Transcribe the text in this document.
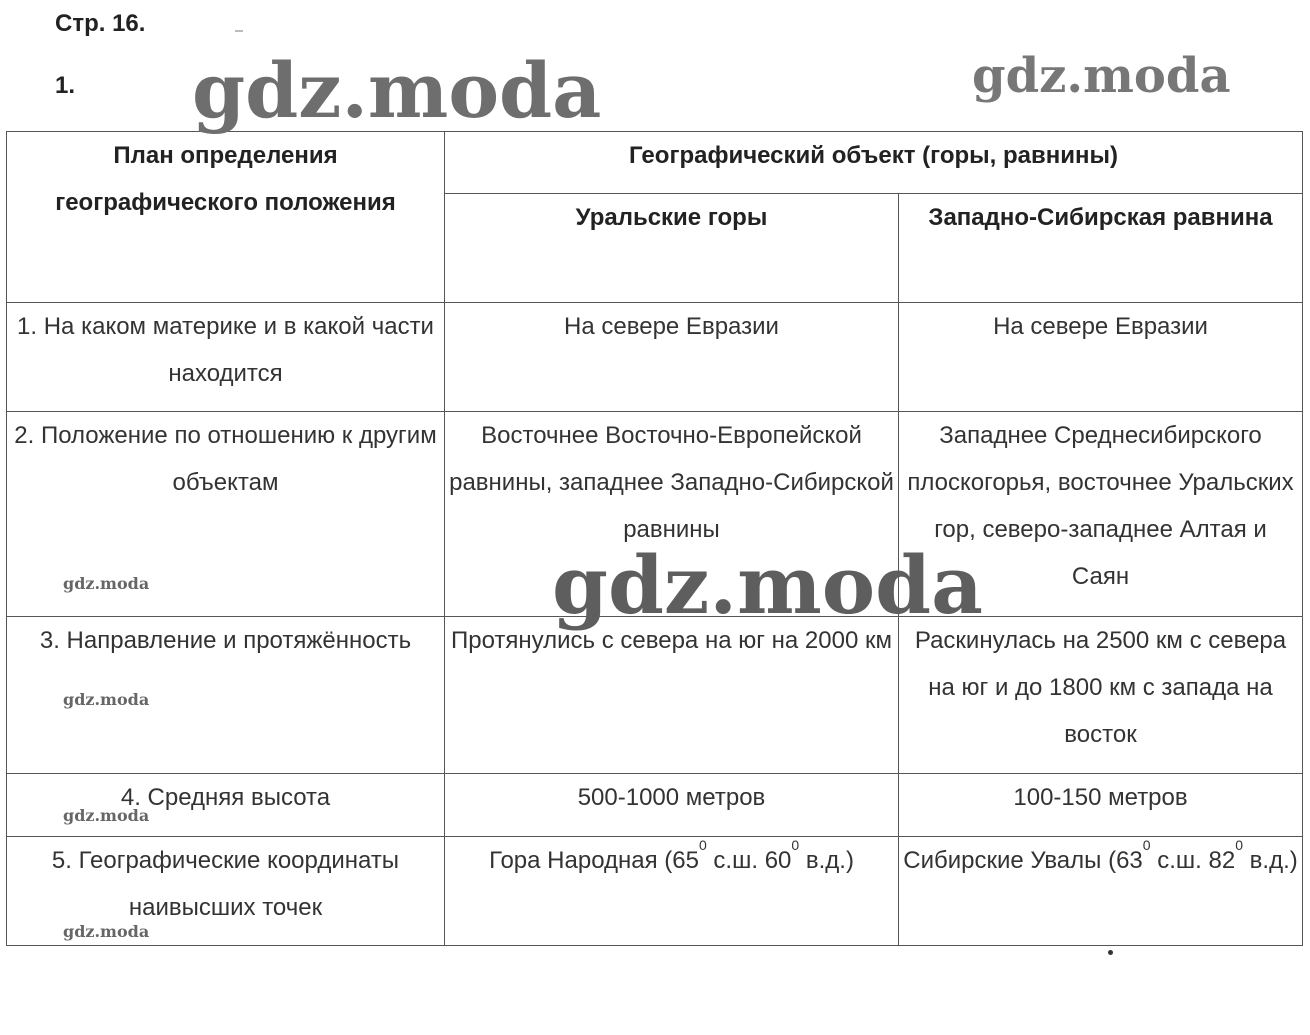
Стр. 16.
1.
План определения географического положения	Географический объект (горы, равнины)	
	Уральские горы	Западно-Сибирская равнина
1. На каком материке и в какой части находится	На севере Евразии	На севере Евразии
2. Положение по отношению к другим объектам	Восточнее Восточно-Европейской равнины, западнее Западно-Сибирской равнины	Западнее Среднесибирского плоскогорья, восточнее Уральских гор, северо-западнее Алтая и Саян
3. Направление и протяжённость	Протянулись с севера на юг на 2000 км	Раскинулась на 2500 км с севера на юг и до 1800 км с запада на восток
4. Средняя высота	500-1000 метров	100-150 метров
5. Географические координаты наивысших точек	Гора Народная ($65^0$ с.ш. $60^0$ в.д.)	Сибирские Увалы ($63^0$ с.ш. $82^0$ в.д.)
gdz.moda	gdz.moda
gdz.moda
gdz.moda
gdz.moda
gdz.moda
gdz.moda
